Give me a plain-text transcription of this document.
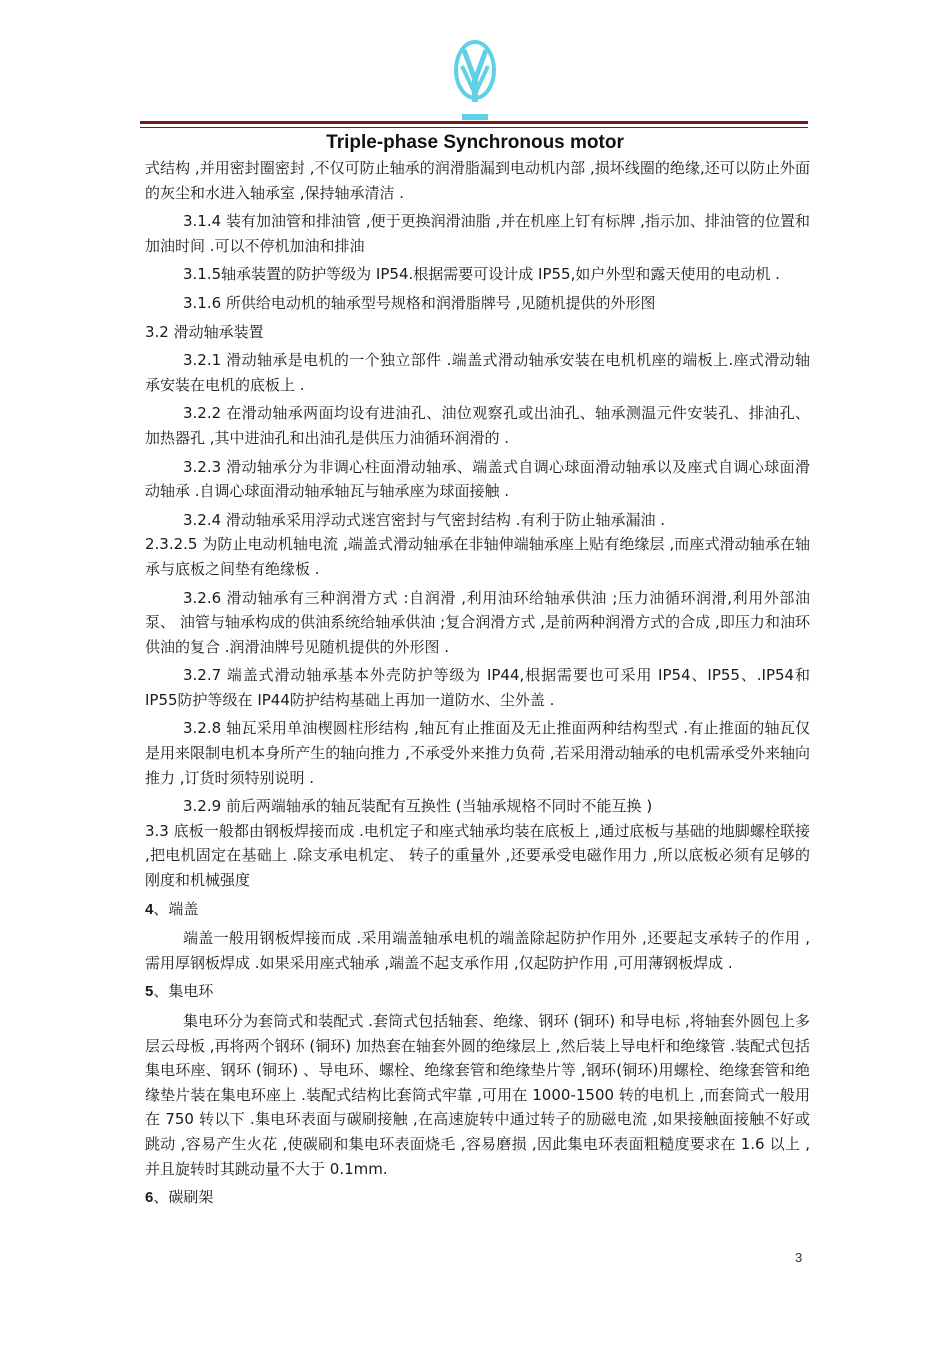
Triple-phase Synchronous motor

式结构 ,并用密封圈密封 ,不仅可防止轴承的润滑脂漏到电动机内部 ,损坏线圈的绝缘,还可以防止外面的灰尘和水进入轴承室 ,保持轴承清洁 .

3.1.4 装有加油管和排油管 ,便于更换润滑油脂 ,并在机座上钉有标牌 ,指示加、排油管的位置和加油时间 .可以不停机加油和排油

3.1.5轴承装置的防护等级为 IP54.根据需要可设计成 IP55,如户外型和露天使用的电动机 .

3.1.6 所供给电动机的轴承型号规格和润滑脂牌号 ,见随机提供的外形图

3.2 滑动轴承装置

3.2.1 滑动轴承是电机的一个独立部件 .端盖式滑动轴承安装在电机机座的端板上.座式滑动轴承安装在电机的底板上 .

3.2.2 在滑动轴承两面均设有进油孔、油位观察孔或出油孔、轴承测温元件安装孔、排油孔、加热器孔 ,其中进油孔和出油孔是供压力油循环润滑的 .

3.2.3 滑动轴承分为非调心柱面滑动轴承、端盖式自调心球面滑动轴承以及座式自调心球面滑动轴承 .自调心球面滑动轴承轴瓦与轴承座为球面接触 .

3.2.4 滑动轴承采用浮动式迷宫密封与气密封结构 .有利于防止轴承漏油 .

2.3.2.5 为防止电动机轴电流 ,端盖式滑动轴承在非轴伸端轴承座上贴有绝缘层 ,而座式滑动轴承在轴承与底板之间垫有绝缘板 .

3.2.6 滑动轴承有三种润滑方式 :自润滑 ,利用油环给轴承供油 ;压力油循环润滑,利用外部油泵、 油管与轴承构成的供油系统给轴承供油 ;复合润滑方式 ,是前两种润滑方式的合成 ,即压力和油环供油的复合 .润滑油牌号见随机提供的外形图 .

3.2.7 端盖式滑动轴承基本外壳防护等级为 IP44,根据需要也可采用 IP54、IP55、.IP54和 IP55防护等级在 IP44防护结构基础上再加一道防水、尘外盖 .

3.2.8 轴瓦采用单油楔圆柱形结构 ,轴瓦有止推面及无止推面两种结构型式 .有止推面的轴瓦仅是用来限制电机本身所产生的轴向推力 ,不承受外来推力负荷 ,若采用滑动轴承的电机需承受外来轴向推力 ,订货时须特别说明 .

3.2.9 前后两端轴承的轴瓦装配有互换性 (当轴承规格不同时不能互换 )

3.3 底板一般都由钢板焊接而成 .电机定子和座式轴承均装在底板上 ,通过底板与基础的地脚螺栓联接 ,把电机固定在基础上 .除支承电机定、 转子的重量外 ,还要承受电磁作用力 ,所以底板必须有足够的刚度和机械强度

4、端盖

端盖一般用钢板焊接而成 .采用端盖轴承电机的端盖除起防护作用外 ,还要起支承转子的作用 ,需用厚钢板焊成 .如果采用座式轴承 ,端盖不起支承作用 ,仅起防护作用 ,可用薄钢板焊成 .

5、集电环

集电环分为套筒式和装配式 .套筒式包括轴套、绝缘、钢环 (铜环) 和导电标 ,将轴套外圆包上多层云母板 ,再将两个钢环 (铜环) 加热套在轴套外圆的绝缘层上 ,然后装上导电杆和绝缘管 .装配式包括集电环座、钢环 (铜环) 、导电环、螺栓、绝缘套管和绝缘垫片等 ,钢环(铜环)用螺栓、绝缘套管和绝缘垫片装在集电环座上 .装配式结构比套筒式牢靠 ,可用在 1000-1500 转的电机上 ,而套筒式一般用在 750 转以下 .集电环表面与碳刷接触 ,在高速旋转中通过转子的励磁电流 ,如果接触面接触不好或跳动 ,容易产生火花 ,使碳刷和集电环表面烧毛 ,容易磨损 ,因此集电环表面粗糙度要求在 1.6 以上 ,并且旋转时其跳动量不大于 0.1mm.

6、碳刷架

3
